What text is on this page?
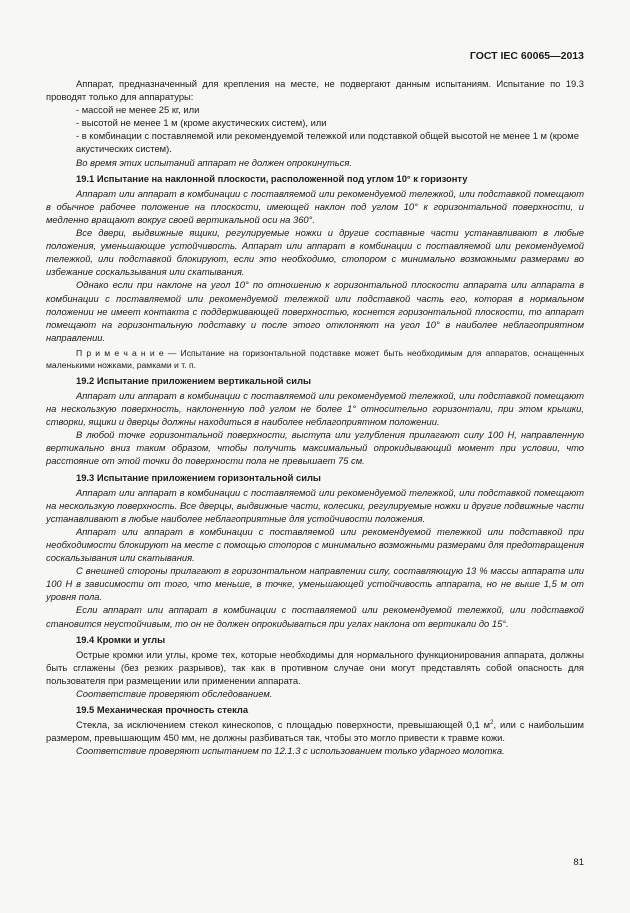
ГОСТ IEC 60065—2013

Аппарат, предназначенный для крепления на месте, не подвергают данным испытаниям. Испытание по 19.3 проводят только для аппаратуры:

- массой не менее 25 кг, или

- высотой не менее 1 м (кроме акустических систем), или

- в комбинации с поставляемой или рекомендуемой тележкой или подставкой общей высотой не менее 1 м (кроме акустических систем).

Во время этих испытаний аппарат не должен опрокинуться.

19.1 Испытание на наклонной плоскости, расположенной под углом 10° к горизонту

Аппарат или аппарат в комбинации с поставляемой или рекомендуемой тележкой, или подставкой помещают в обычное рабочее положение на плоскости, имеющей наклон под углом 10° к горизонтальной поверхности, и медленно вращают вокруг своей вертикальной оси на 360°.

Все двери, выдвижные ящики, регулируемые ножки и другие составные части устанавливают в любые положения, уменьшающие устойчивость. Аппарат или аппарат в комбинации с поставляемой или рекомендуемой тележкой, или подставкой блокируют, если это необходимо, стопором с минимально возможными размерами во избежание соскальзывания или скатывания.

Однако если при наклоне на угол 10° по отношению к горизонтальной плоскости аппарата или аппарата в комбинации с поставляемой или рекомендуемой тележкой или подставкой часть его, которая в нормальном положении не имеет контакта с поддерживающей поверхностью, коснется горизонтальной плоскости, то аппарат помещают на горизонтальную подставку и после этого отклоняют на угол 10° в наиболее неблагоприятном направлении.

П р и м е ч а н и е — Испытание на горизонтальной подставке может быть необходимым для аппаратов, оснащенных маленькими ножками, рамками и т. п.

19.2 Испытание приложением вертикальной силы

Аппарат или аппарат в комбинации с поставляемой или рекомендуемой тележкой, или подставкой помещают на нескользкую поверхность, наклоненную под углом не более 1° относительно горизонтали, при этом крышки, створки, ящики и дверцы должны находиться в наиболее неблагоприятном положении.

В любой точке горизонтальной поверхности, выступа или углубления прилагают силу 100 Н, направленную вертикально вниз таким образом, чтобы получить максимальный опрокидывающий момент при условии, что расстояние от этой точки до поверхности пола не превышает 75 см.

19.3 Испытание приложением горизонтальной силы

Аппарат или аппарат в комбинации с поставляемой или рекомендуемой тележкой, или подставкой помещают на нескользкую поверхность. Все дверцы, выдвижные части, колесики, регулируемые ножки и другие подвижные части устанавливают в любые наиболее неблагоприятные для устойчивости положения.

Аппарат или аппарат в комбинации с поставляемой или рекомендуемой тележкой или подставкой при необходимости блокируют на месте с помощью стопоров с минимально возможными размерами для предотвращения соскальзывания или скатывания.

С внешней стороны прилагают в горизонтальном направлении силу, составляющую 13 % массы аппарата или 100 Н в зависимости от того, что меньше, в точке, уменьшающей устойчивость аппарата, но не выше 1,5 м от уровня пола.

Если аппарат или аппарат в комбинации с поставляемой или рекомендуемой тележкой, или подставкой становится неустойчивым, то он не должен опрокидываться при углах наклона от вертикали до 15°.

19.4 Кромки и углы

Острые кромки или углы, кроме тех, которые необходимы для нормального функционирования аппарата, должны быть сглажены (без резких разрывов), так как в противном случае они могут представлять собой опасность для пользователя при размещении или применении аппарата.

Соответствие проверяют обследованием.

19.5 Механическая прочность стекла

Стекла, за исключением стекол кинескопов, с площадью поверхности, превышающей 0,1 $м^2$, или с наибольшим размером, превышающим 450 мм, не должны разбиваться так, чтобы это могло привести к травме кожи.

Соответствие проверяют испытанием по 12.1.3 с использованием только ударного молотка.

81
